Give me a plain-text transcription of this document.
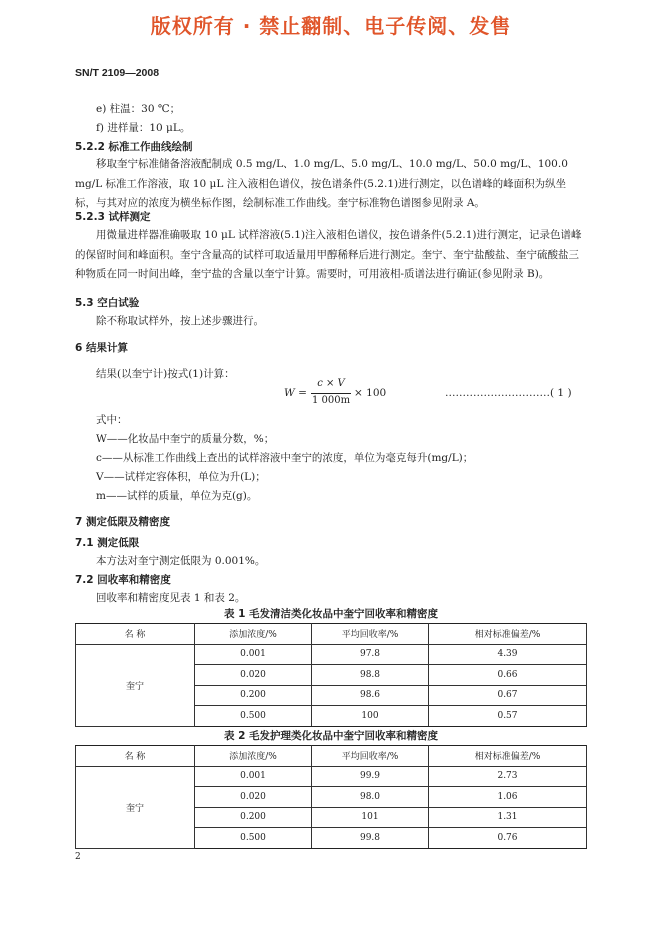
版权所有 · 禁止翻制、电子传阅、发售
SN/T 2109—2008
e) 柱温：30 ℃；
f) 进样量：10 μL。
5.2.2 标准工作曲线绘制
移取奎宁标准储备溶液配制成 0.5 mg/L、1.0 mg/L、5.0 mg/L、10.0 mg/L、50.0 mg/L、100.0 mg/L 标准工作溶液，取 10 μL 注入液相色谱仪，按色谱条件(5.2.1)进行测定，以色谱峰的峰面积为纵坐标，与其对应的浓度为横坐标作图，绘制标准工作曲线。奎宁标准物色谱图参见附录 A。
5.2.3 试样测定
用微量进样器准确吸取 10 μL 试样溶液(5.1)注入液相色谱仪，按色谱条件(5.2.1)进行测定，记录色谱峰的保留时间和峰面积。奎宁含量高的试样可取适量用甲醇稀释后进行测定。奎宁、奎宁盐酸盐、奎宁硫酸盐三种物质在同一时间出峰，奎宁盐的含量以奎宁计算。需要时，可用液相-质谱法进行确证(参见附录 B)。
5.3 空白试验
除不称取试样外，按上述步骤进行。
6 结果计算
结果(以奎宁计)按式(1)计算：
W =
c × V
1 000m
× 100	…………………………( 1 )
式中：
W——化妆品中奎宁的质量分数，%；
c——从标准工作曲线上查出的试样溶液中奎宁的浓度，单位为毫克每升(mg/L)；
V——试样定容体积，单位为升(L)；
m——试样的质量，单位为克(g)。
7 测定低限及精密度
7.1 测定低限
本方法对奎宁测定低限为 0.001%。
7.2 回收率和精密度
回收率和精密度见表 1 和表 2。
表 1 毛发清洁类化妆品中奎宁回收率和精密度
名 称	添加浓度/%	平均回收率/%	相对标准偏差/%
奎宁	0.001	97.8	4.39
	0.020	98.8	0.66
	0.200	98.6	0.67
	0.500	100	0.57
表 2 毛发护理类化妆品中奎宁回收率和精密度
名 称	添加浓度/%	平均回收率/%	相对标准偏差/%
奎宁	0.001	99.9	2.73
	0.020	98.0	1.06
	0.200	101	1.31
	0.500	99.8	0.76
2
